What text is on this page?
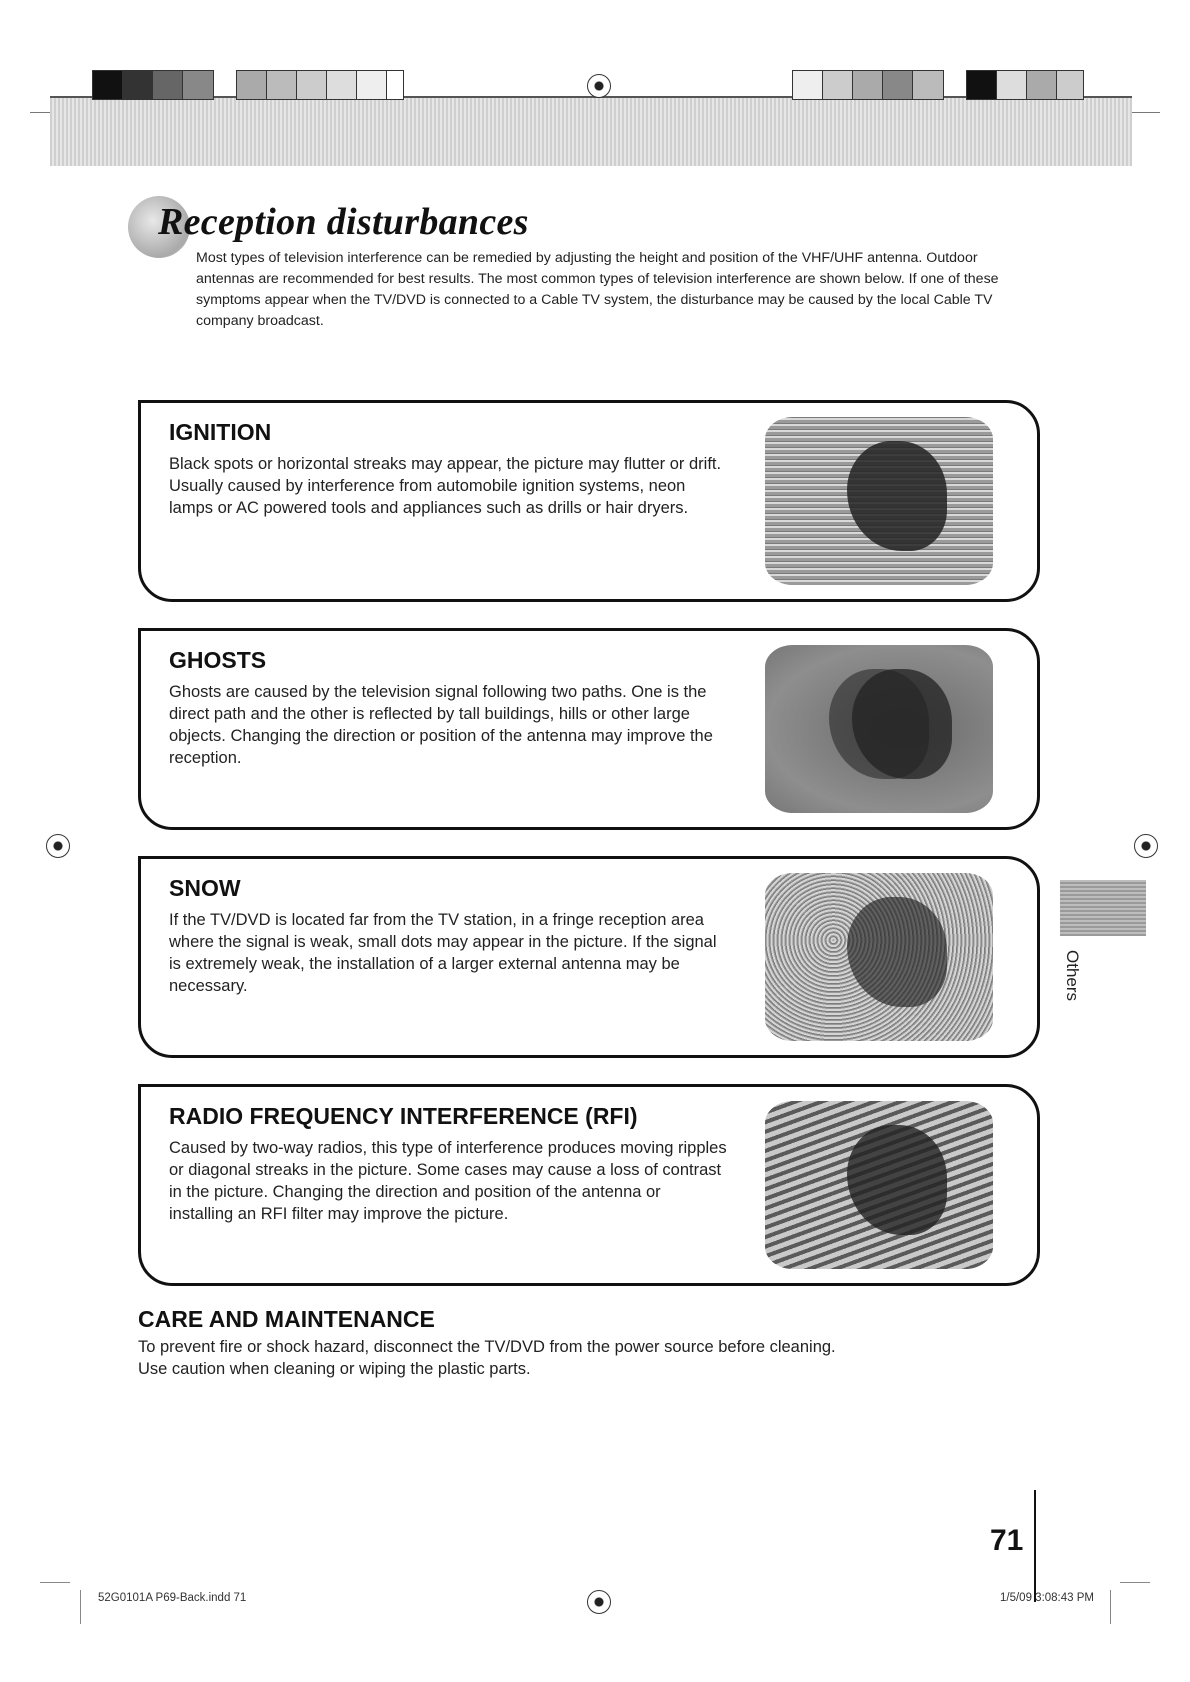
Reception disturbances
Most types of television interference can be remedied by adjusting the height and position of the VHF/UHF antenna. Outdoor antennas are recommended for best results. The most common types of television interference are shown below. If one of these symptoms appear when the TV/DVD is connected to a Cable TV system, the disturbance may be caused by the local Cable TV company broadcast.
IGNITION

Black spots or horizontal streaks may appear, the picture may flutter or drift. Usually caused by interference from automobile ignition systems, neon lamps or AC powered tools and appliances such as drills or hair dryers.

GHOSTS

Ghosts are caused by the television signal following two paths. One is the direct path and the other is reflected by tall buildings, hills or other large objects. Changing the direction or position of the antenna may improve the reception.

SNOW

If the TV/DVD is located far from the TV station, in a fringe reception area where the signal is weak, small dots may appear in the picture. If the signal is extremely weak, the installation of a larger external antenna may be necessary.

RADIO FREQUENCY INTERFERENCE (RFI)

Caused by two-way radios, this type of interference produces moving ripples or diagonal streaks in the picture. Some cases may cause a loss of contrast in the picture. Changing the direction and position of the antenna or installing an RFI filter may improve the picture.

CARE AND MAINTENANCE
To prevent fire or shock hazard, disconnect the TV/DVD from the power source before cleaning.
Use caution when cleaning or wiping the plastic parts.
Others
71
52G0101A P69-Back.indd 71	1/5/09 3:08:43 PM
